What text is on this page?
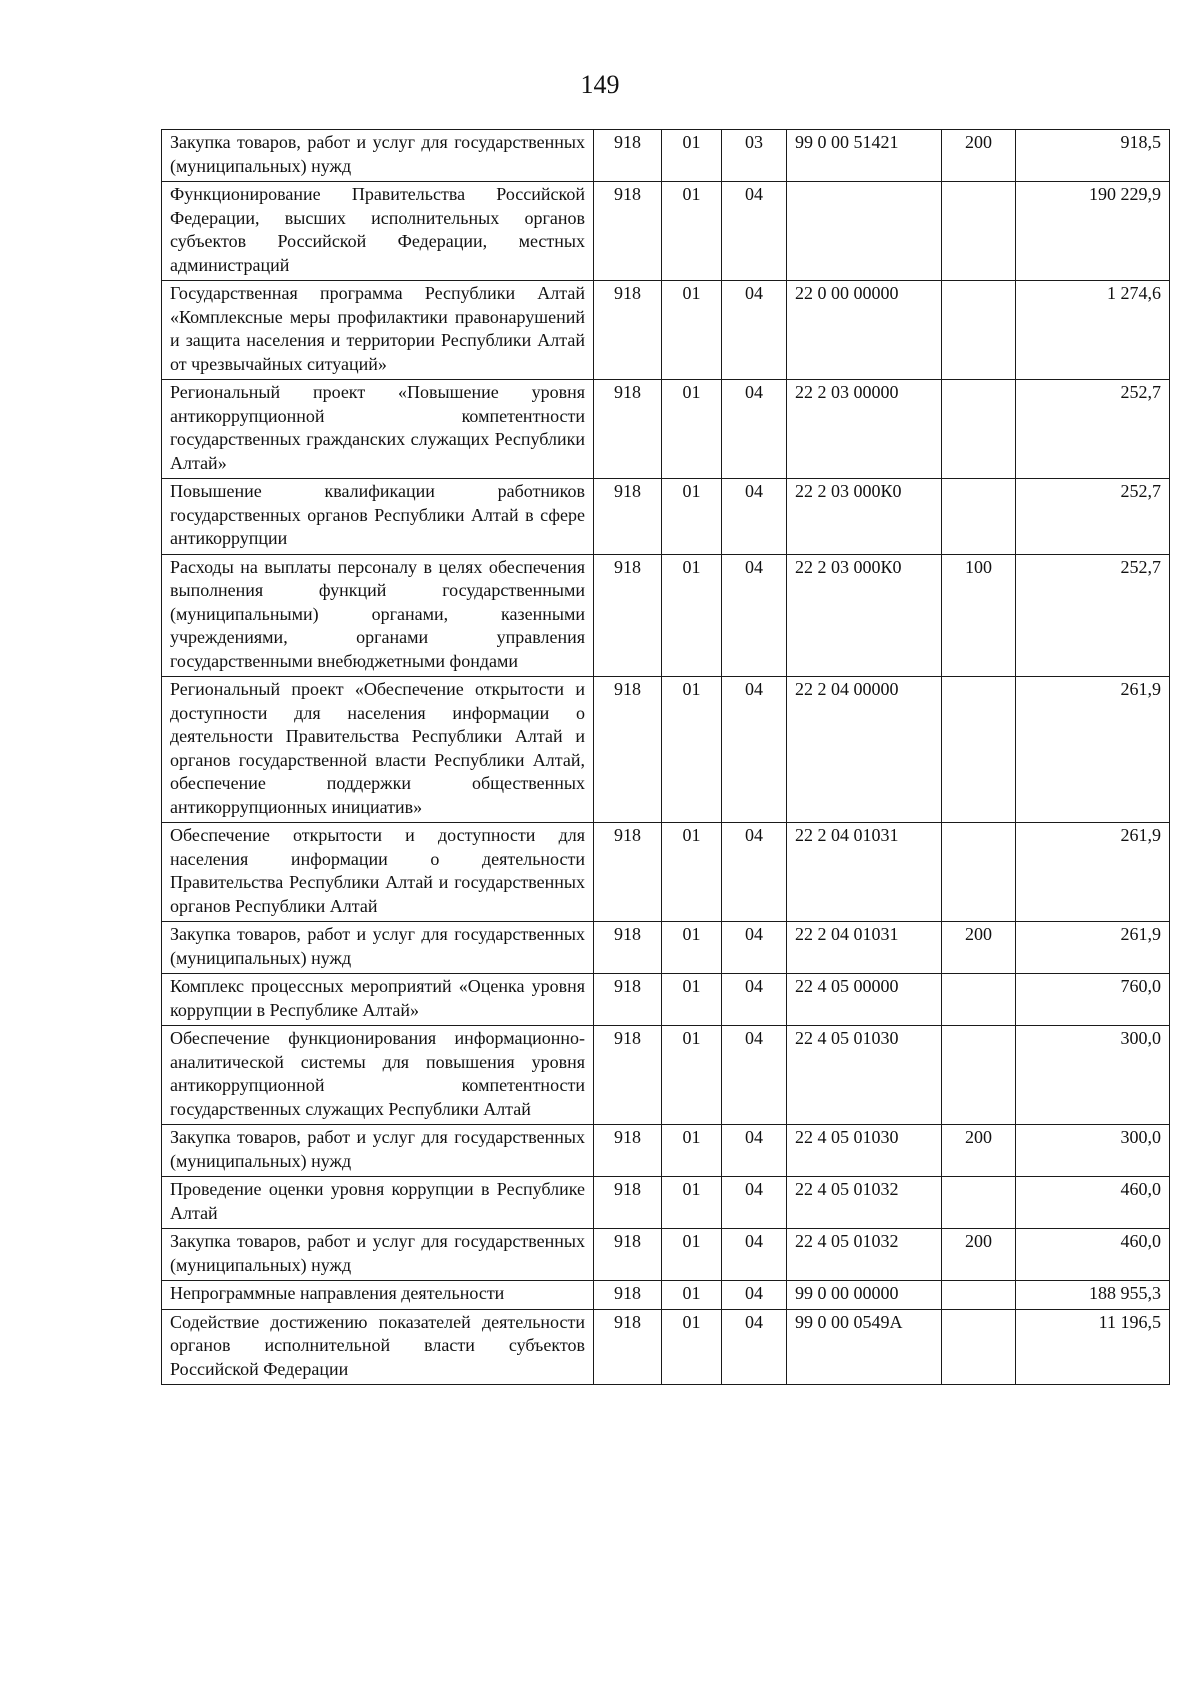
149
Закупка товаров, работ и услуг для государственных (муниципальных) нужд	918	01	03	99 0 00 51421	200	918,5
Функционирование Правительства Российской Федерации, высших исполнительных органов субъектов Российской Федерации, местных администраций	918	01	04			190 229,9
Государственная программа Республики Алтай «Комплексные меры профилактики правонарушений и защита населения и территории Республики Алтай от чрезвычайных ситуаций»	918	01	04	22 0 00 00000		1 274,6
Региональный проект «Повышение уровня антикоррупционной компетентности государственных гражданских служащих Республики Алтай»	918	01	04	22 2 03 00000		252,7
Повышение квалификации работников государственных органов Республики Алтай в сфере антикоррупции	918	01	04	22 2 03 000К0		252,7
Расходы на выплаты персоналу в целях обеспечения выполнения функций государственными (муниципальными) органами, казенными учреждениями, органами управления государственными внебюджетными фондами	918	01	04	22 2 03 000К0	100	252,7
Региональный проект «Обеспечение открытости и доступности для населения информации о деятельности Правительства Республики Алтай и органов государственной власти Республики Алтай, обеспечение поддержки общественных антикоррупционных инициатив»	918	01	04	22 2 04 00000		261,9
Обеспечение открытости и доступности для населения информации о деятельности Правительства Республики Алтай и государственных органов Республики Алтай	918	01	04	22 2 04 01031		261,9
Закупка товаров, работ и услуг для государственных (муниципальных) нужд	918	01	04	22 2 04 01031	200	261,9
Комплекс процессных мероприятий «Оценка уровня коррупции в Республике Алтай»	918	01	04	22 4 05 00000		760,0
Обеспечение функционирования информационно-аналитической системы для повышения уровня антикоррупционной компетентности государственных служащих Республики Алтай	918	01	04	22 4 05 01030		300,0
Закупка товаров, работ и услуг для государственных (муниципальных) нужд	918	01	04	22 4 05 01030	200	300,0
Проведение оценки уровня коррупции в Республике Алтай	918	01	04	22 4 05 01032		460,0
Закупка товаров, работ и услуг для государственных (муниципальных) нужд	918	01	04	22 4 05 01032	200	460,0
Непрограммные направления деятельности	918	01	04	99 0 00 00000		188 955,3
Содействие достижению показателей деятельности органов исполнительной власти субъектов Российской Федерации	918	01	04	99 0 00 0549А		11 196,5
